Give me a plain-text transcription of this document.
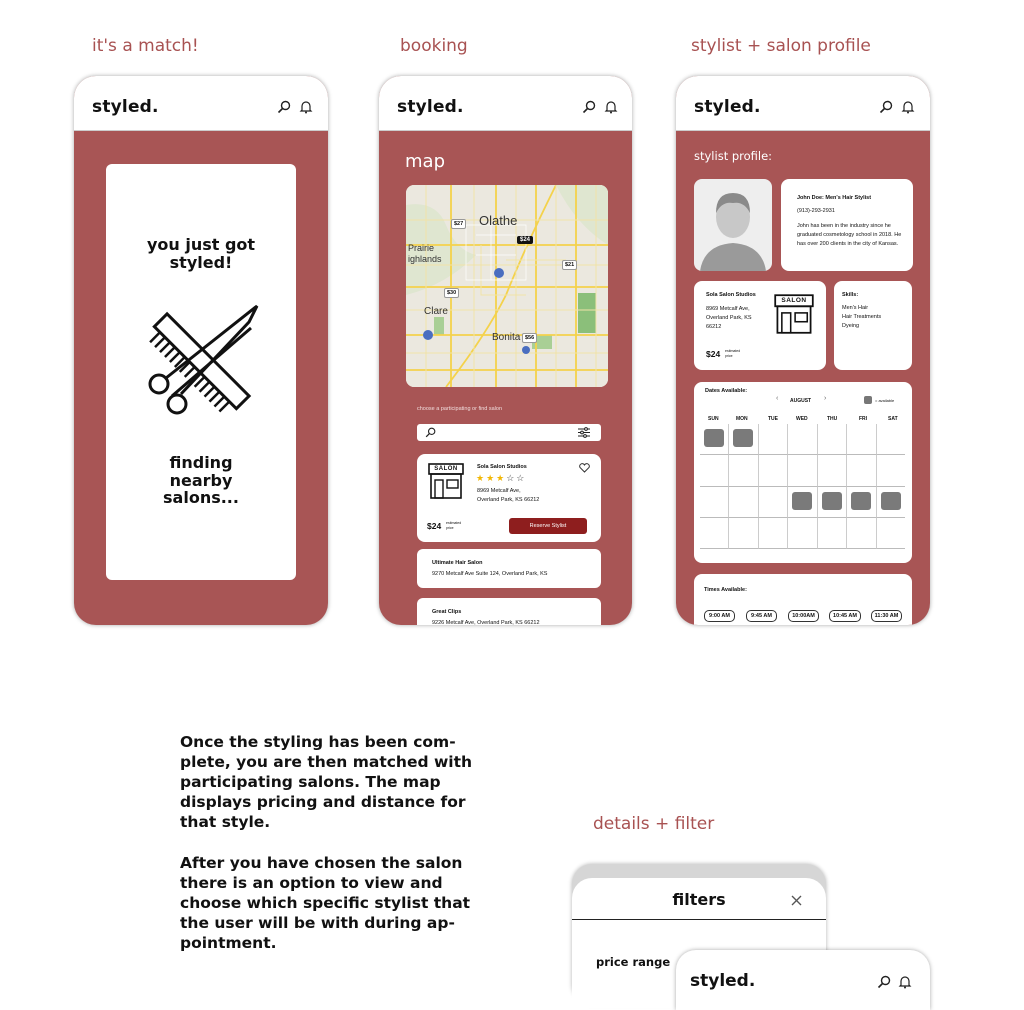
it's a match!	booking	stylist + salon profile
details + filter
styled.
you just got styled!
finding nearby salons...
styled.
map
Olathe
Prairie
ighlands
Clare
Bonita
$27
$24
$21
$30
$56
choose a participating or find salon
SALON	Sola Salon Studios
★★★☆☆
8969 Metcalf Ave,
Overland Park, KS 66212
$24 estimated price	Reserve Stylist
Ultimate Hair Salon
9270 Metcalf Ave Suite 124, Overland Park, KS
Great Clips
9226 Metcalf Ave, Overland Park, KS 66212
styled.
stylist profile:
John Doe: Men's Hair Stylist
(913)-293-2931
John has been in the industry since he graduated cosmetology school in 2018. He has over 200 clients in the city of Kansas.
Sola Salon Studios
8969 Metcalf Ave, Overland Park, KS 66212
SALON
$24 estimated price
Skills:
Men's Hair
Hair Treatments
Dyeing
Dates Available:
‹ AUGUST ›	= available
SUN	MON	TUE	WED	THU	FRI	SAT
Times Available:
9:00 AM	9:45 AM	10:00AM	10:45 AM	11:30 AM
Once the styling has been com-
plete, you are then matched with
participating salons. The map
displays pricing and distance for
that style.
After you have chosen the salon
there is an option to view and
choose which specific stylist that
the user will be with during ap-
pointment.
filters
price range
styled.
